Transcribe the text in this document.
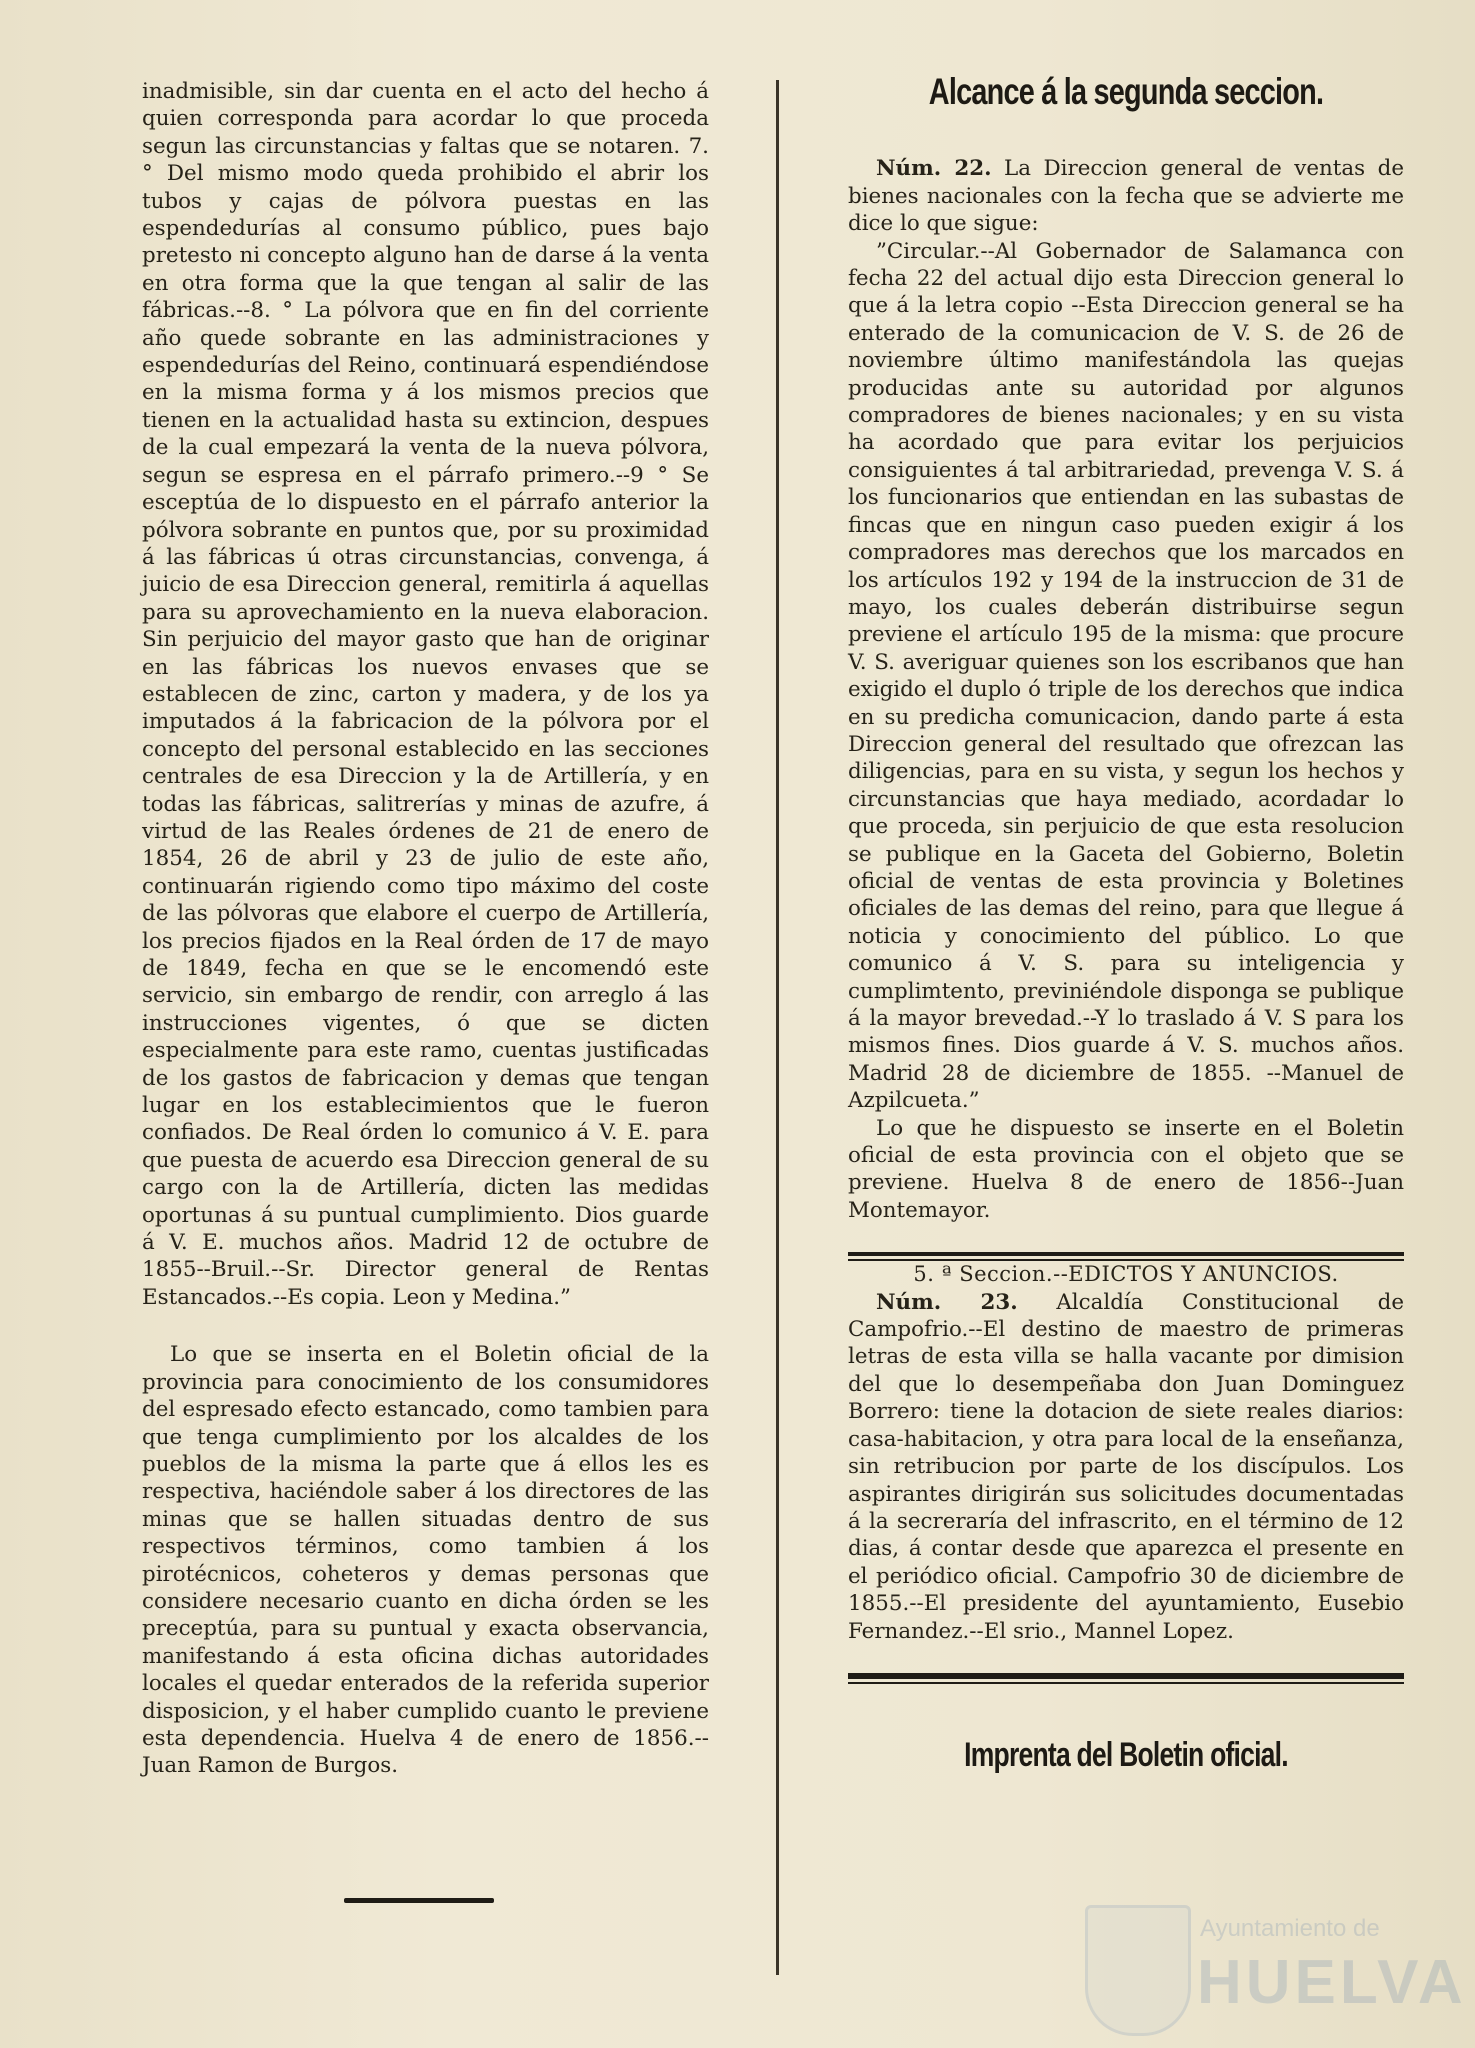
inadmisible, sin dar cuenta en el acto del hecho á quien corresponda para acordar lo que proceda segun las circunstancias y faltas que se notaren. 7. ° Del mismo modo queda prohibido el abrir los tubos y cajas de pólvora puestas en las espendedurías al consumo público, pues bajo pretesto ni concepto alguno han de darse á la venta en otra forma que la que tengan al salir de las fábricas.--8. ° La pólvora que en fin del corriente año quede sobrante en las administraciones y espendedurías del Reino, continuará espendiéndose en la misma forma y á los mismos precios que tienen en la actualidad hasta su extincion, despues de la cual empezará la venta de la nueva pólvora, segun se espresa en el párrafo primero.--9 ° Se esceptúa de lo dispuesto en el párrafo anterior la pólvora sobrante en puntos que, por su proximidad á las fábricas ú otras circunstancias, convenga, á juicio de esa Direccion general, remitirla á aquellas para su aprovechamiento en la nueva elaboracion. Sin perjuicio del mayor gasto que han de originar en las fábricas los nuevos envases que se establecen de zinc, carton y madera, y de los ya imputados á la fabricacion de la pólvora por el concepto del personal establecido en las secciones centrales de esa Direccion y la de Artillería, y en todas las fábricas, salitrerías y minas de azufre, á virtud de las Reales órdenes de 21 de enero de 1854, 26 de abril y 23 de julio de este año, continuarán rigiendo como tipo máximo del coste de las pólvoras que elabore el cuerpo de Artillería, los precios fijados en la Real órden de 17 de mayo de 1849, fecha en que se le encomendó este servicio, sin embargo de rendir, con arreglo á las instrucciones vigentes, ó que se dicten especialmente para este ramo, cuentas justificadas de los gastos de fabricacion y demas que tengan lugar en los establecimientos que le fueron confiados. De Real órden lo comunico á V. E. para que puesta de acuerdo esa Direccion general de su cargo con la de Artillería, dicten las medidas oportunas á su puntual cumplimiento. Dios guarde á V. E. muchos años. Madrid 12 de octubre de 1855--Bruil.--Sr. Director general de Rentas Estancados.--Es copia. Leon y Medina.”

Lo que se inserta en el Boletin oficial de la provincia para conocimiento de los consumidores del espresado efecto estancado, como tambien para que tenga cumplimiento por los alcaldes de los pueblos de la misma la parte que á ellos les es respectiva, haciéndole saber á los directores de las minas que se hallen situadas dentro de sus respectivos términos, como tambien á los pirotécnicos, coheteros y demas personas que considere necesario cuanto en dicha órden se les preceptúa, para su puntual y exacta observancia, manifestando á esta oficina dichas autoridades locales el quedar enterados de la referida superior disposicion, y el haber cumplido cuanto le previene esta dependencia. Huelva 4 de enero de 1856.--Juan Ramon de Burgos.

Alcance á la segunda seccion.

Núm. 22. La Direccion general de ventas de bienes nacionales con la fecha que se advierte me dice lo que sigue:

”Circular.--Al Gobernador de Salamanca con fecha 22 del actual dijo esta Direccion general lo que á la letra copio --Esta Direccion general se ha enterado de la comunicacion de V. S. de 26 de noviembre último manifestándola las quejas producidas ante su autoridad por algunos compradores de bienes nacionales; y en su vista ha acordado que para evitar los perjuicios consiguientes á tal arbitrariedad, prevenga V. S. á los funcionarios que entiendan en las subastas de fincas que en ningun caso pueden exigir á los compradores mas derechos que los marcados en los artículos 192 y 194 de la instruccion de 31 de mayo, los cuales deberán distribuirse segun previene el artículo 195 de la misma: que procure V. S. averiguar quienes son los escribanos que han exigido el duplo ó triple de los derechos que indica en su predicha comunicacion, dando parte á esta Direccion general del resultado que ofrezcan las diligencias, para en su vista, y segun los hechos y circunstancias que haya mediado, acordadar lo que proceda, sin perjuicio de que esta resolucion se publique en la Gaceta del Gobierno, Boletin oficial de ventas de esta provincia y Boletines oficiales de las demas del reino, para que llegue á noticia y conocimiento del público. Lo que comunico á V. S. para su inteligencia y cumplimtento, previniéndole disponga se publique á la mayor brevedad.--Y lo traslado á V. S para los mismos fines. Dios guarde á V. S. muchos años. Madrid 28 de diciembre de 1855. --Manuel de Azpilcueta.”

Lo que he dispuesto se inserte en el Boletin oficial de esta provincia con el objeto que se previene. Huelva 8 de enero de 1856--Juan Montemayor.

5. ª Seccion.--EDICTOS Y ANUNCIOS.

Núm. 23. Alcaldía Constitucional de Campofrio.--El destino de maestro de primeras letras de esta villa se halla vacante por dimision del que lo desempeñaba don Juan Dominguez Borrero: tiene la dotacion de siete reales diarios: casa-habitacion, y otra para local de la enseñanza, sin retribucion por parte de los discípulos. Los aspirantes dirigirán sus solicitudes documentadas á la secreraría del infrascrito, en el término de 12 dias, á contar desde que aparezca el presente en el periódico oficial. Campofrio 30 de diciembre de 1855.--El presidente del ayuntamiento, Eusebio Fernandez.--El srio., Mannel Lopez.

Imprenta del Boletin oficial.

Ayuntamiento de
HUELVA
